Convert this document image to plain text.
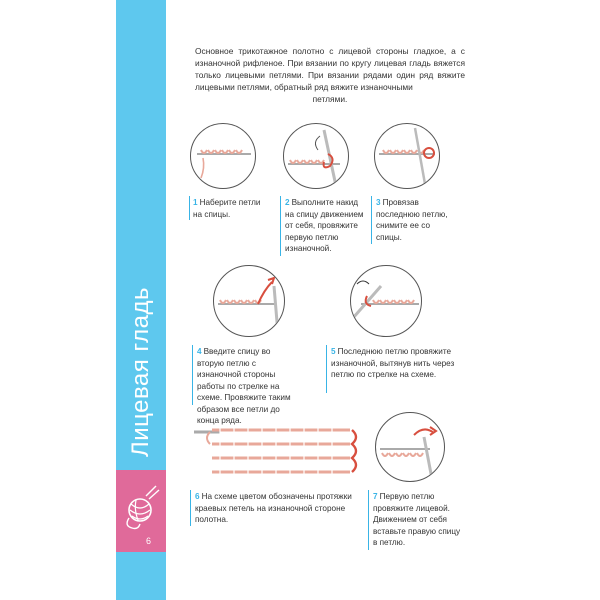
Лицевая гладь
6
Основное трикотажное полотно с лицевой стороны гладкое, а с изнаночной рифленое. При вязании по кругу лицевая гладь вяжется только лицевыми петлями. При вязании рядами один ряд вяжите лицевыми петлями, обратный ряд вяжите изнаночными
петлями.
1 Наберите петли на спицы.
2 Выполните накид на спицу движением от себя, провяжите первую петлю изнаночной.
3 Провязав последнюю петлю, снимите ее со спицы.
4 Введите спицу во вторую петлю с изнаночной стороны работы по стрелке на схеме. Провяжите таким образом все петли до конца ряда.
5 Последнюю петлю провяжите изнаночной, вытянув нить через петлю по стрелке на схеме.
6 На схеме цветом обозначены протяжки краевых петель на изнаночной стороне полотна.
7 Первую петлю провяжите лицевой. Движением от себя вставьте правую спицу в петлю.
